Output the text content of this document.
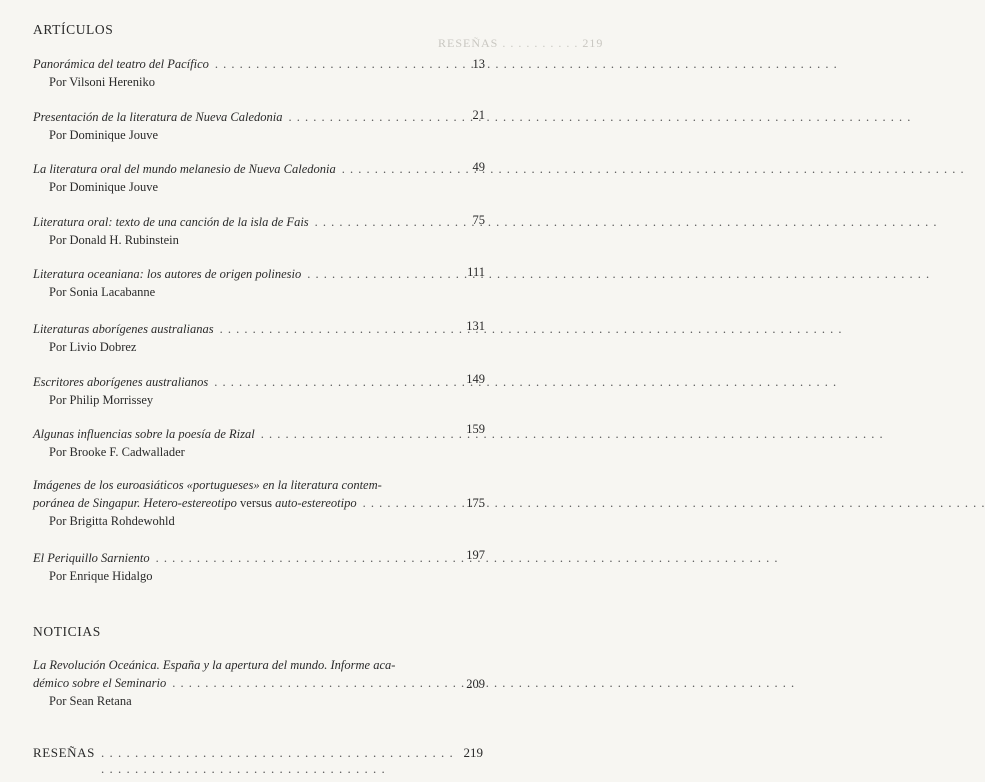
RESEÑAS . . . . . . . . . . 219
ARTÍCULOS
Panorámica del teatro del Pacífico
. . .
Por Vilsoni Hereniko
13
Presentación de la literatura de Nueva Caledonia
. . .
Por Dominique Jouve
21
La literatura oral del mundo melanesio de Nueva Caledonia
. . .
Por Dominique Jouve
49
Literatura oral: texto de una canción de la isla de Fais
. . .
Por Donald H. Rubinstein
75
Literatura oceaniana: los autores de origen polinesio
. . .
Por Sonia Lacabanne
111
Literaturas aborígenes australianas
. . .
Por Livio Dobrez
131
Escritores aborígenes australianos
. . .
Por Philip Morrissey
149
Algunas influencias sobre la poesía de Rizal
. . .
Por Brooke F. Cadwallader
159
Imágenes de los euroasiáticos «portugueses» en la literatura contem-
poránea de Singapur. Hetero-estereotipo
versus
auto-estereotipo
. . .
Por Brigitta Rohdewohld
175
El Periquillo Sarniento
. . .
Por Enrique Hidalgo
197
NOTICIAS
La Revolución Oceánica. España y la apertura del mundo. Informe aca-
démico sobre el Seminario
. . .
Por Sean Retana
209
RESEÑAS
. . .	219
